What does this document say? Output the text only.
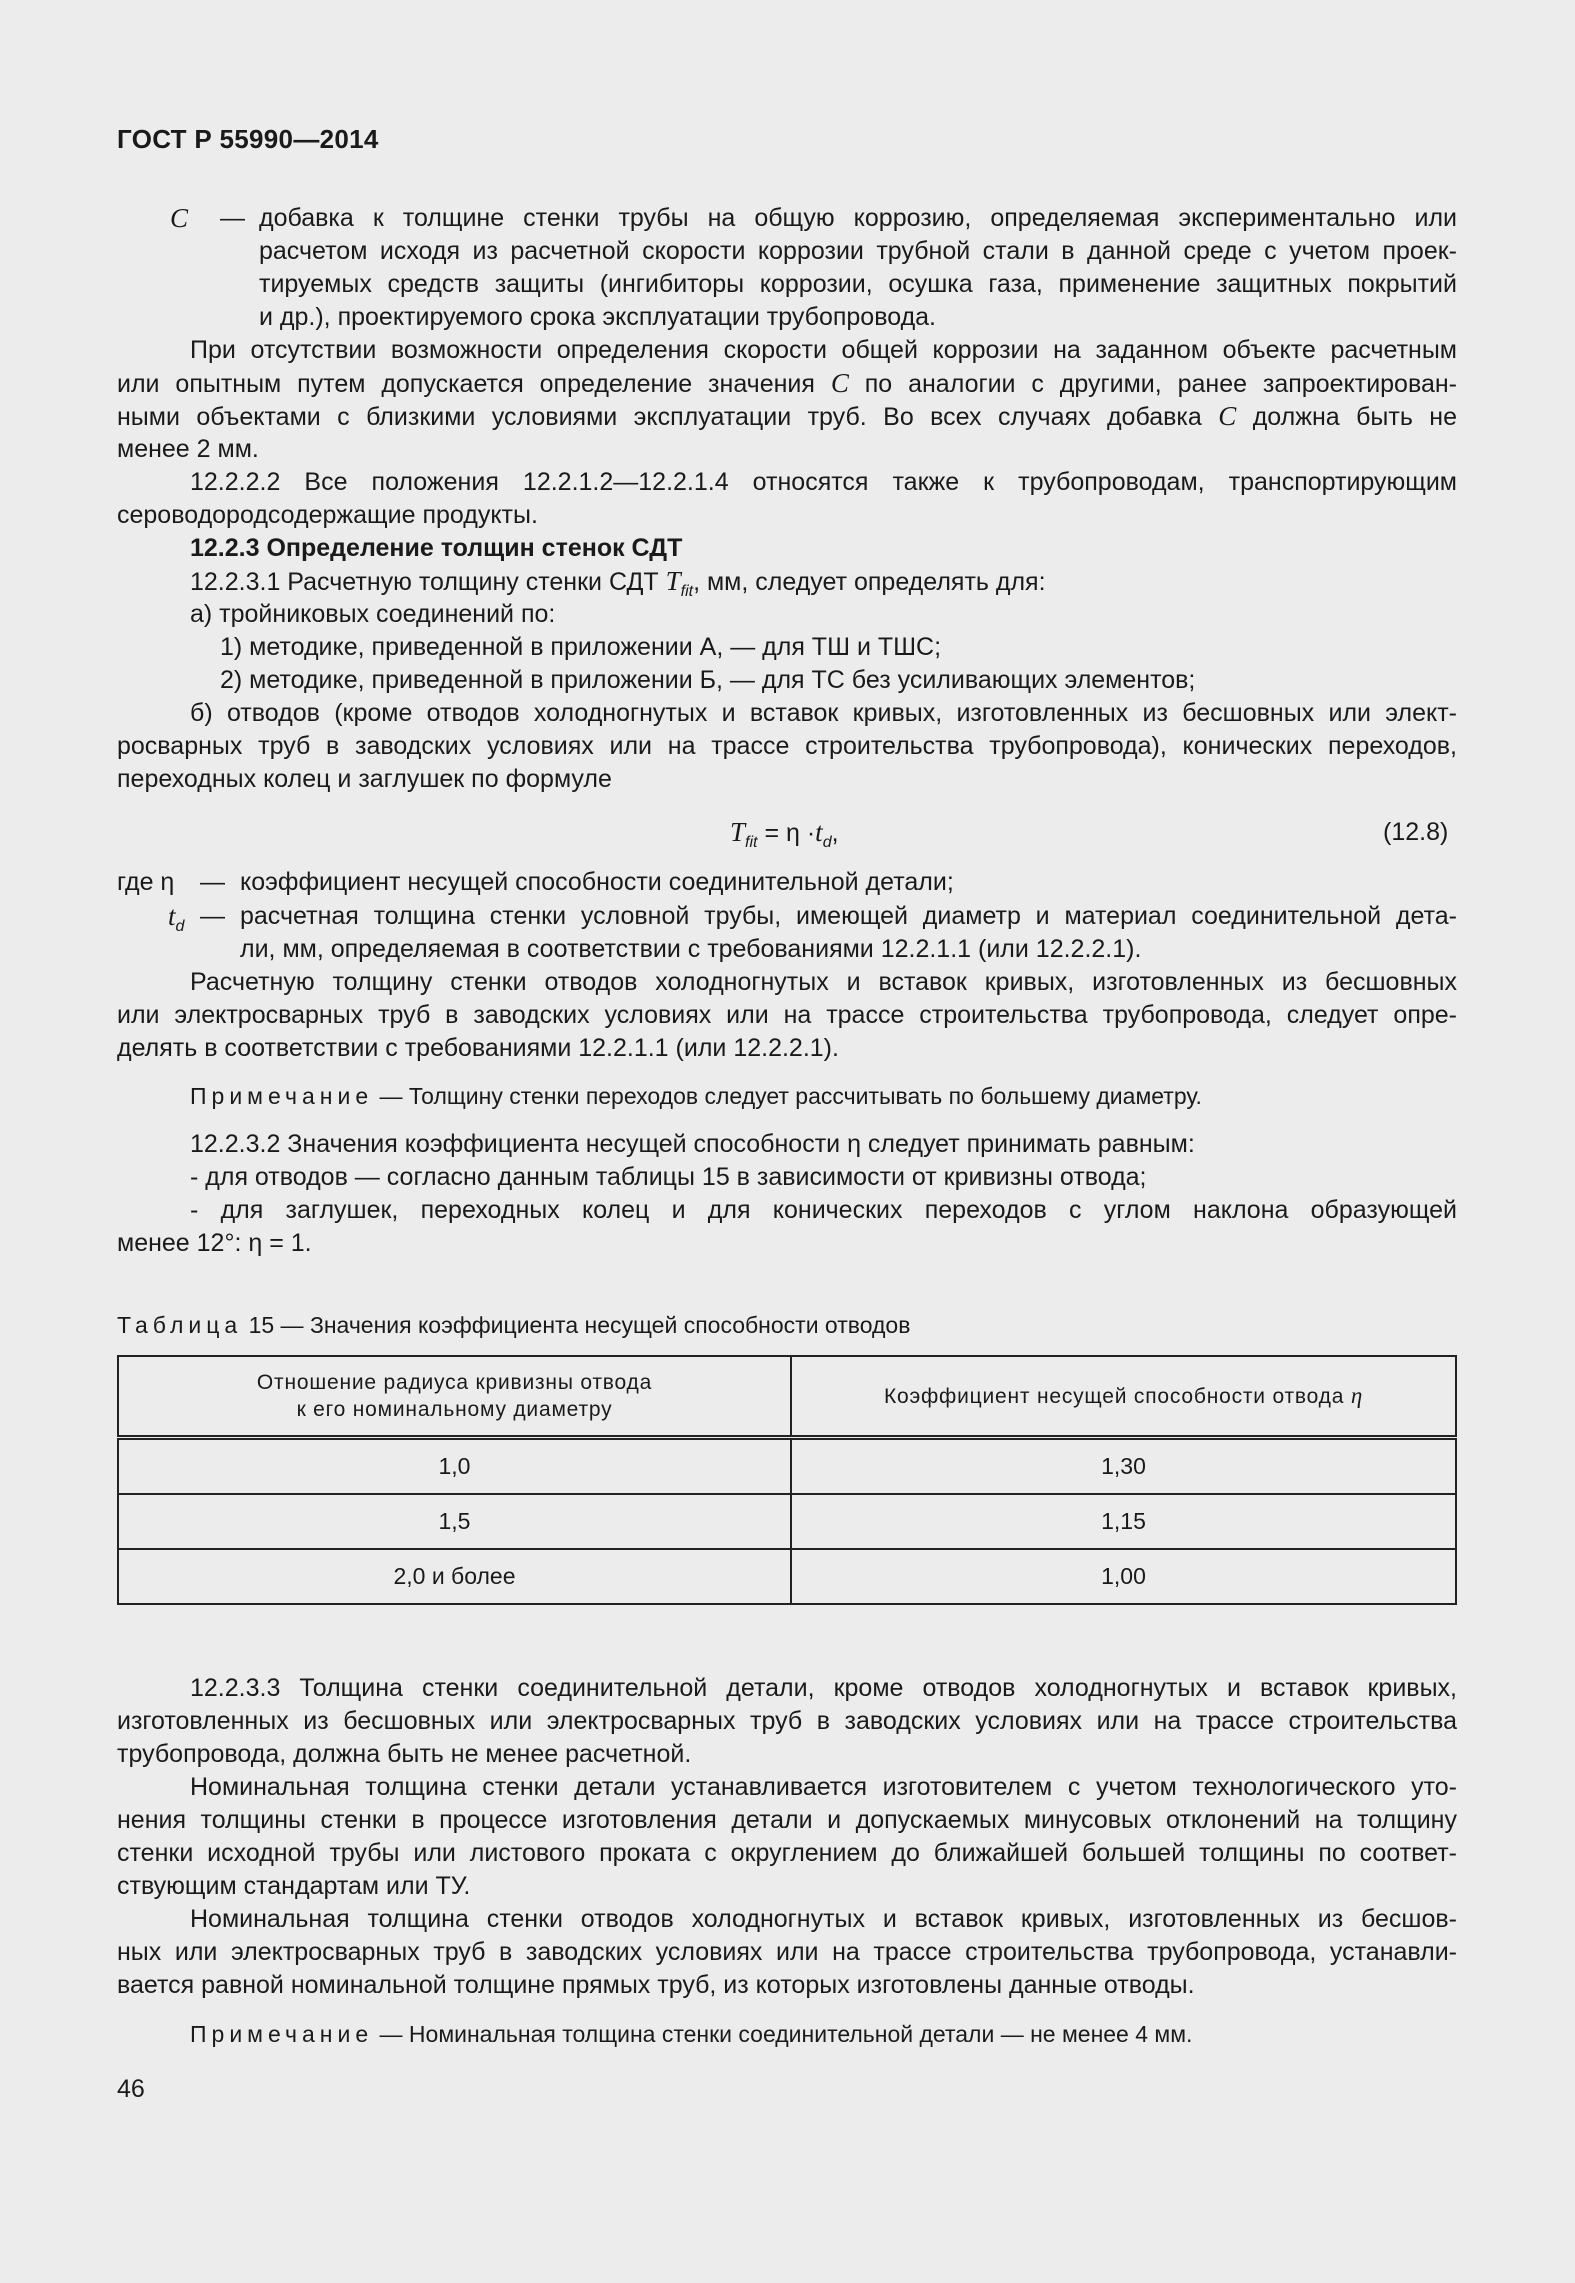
ГОСТ Р 55990—2014
C — добавка к толщине стенки трубы на общую коррозию, определяемая экспериментально или
расчетом исходя из расчетной скорости коррозии трубной стали в данной среде с учетом проек-
тируемых средств защиты (ингибиторы коррозии, осушка газа, применение защитных покрытий
и др.), проектируемого срока эксплуатации трубопровода.
При отсутствии возможности определения скорости общей коррозии на заданном объекте расчетным
или опытным путем допускается определение значения C по аналогии с другими, ранее запроектирован-
ными объектами с близкими условиями эксплуатации труб. Во всех случаях добавка C должна быть не
менее 2 мм.
12.2.2.2 Все положения 12.2.1.2—12.2.1.4 относятся также к трубопроводам, транспортирующим
сероводородсодержащие продукты.
12.2.3 Определение толщин стенок СДТ
12.2.3.1 Расчетную толщину стенки СДТ $T_{fit}$, мм, следует определять для:
а) тройниковых соединений по:
1) методике, приведенной в приложении А, — для ТШ и ТШС;
2) методике, приведенной в приложении Б, — для ТС без усиливающих элементов;
б) отводов (кроме отводов холодногнутых и вставок кривых, изготовленных из бесшовных или элект-
росварных труб в заводских условиях или на трассе строительства трубопровода), конических переходов,
переходных колец и заглушек по формуле
$T_{fit} = \eta \cdot t_d$,	(12.8)
где η — коэффициент несущей способности соединительной детали;
$t_d$ — расчетная толщина стенки условной трубы, имеющей диаметр и материал соединительной дета-
ли, мм, определяемая в соответствии с требованиями 12.2.1.1 (или 12.2.2.1).
Расчетную толщину стенки отводов холодногнутых и вставок кривых, изготовленных из бесшовных
или электросварных труб в заводских условиях или на трассе строительства трубопровода, следует опре-
делять в соответствии с требованиями 12.2.1.1 (или 12.2.2.1).
Примечание — Толщину стенки переходов следует рассчитывать по большему диаметру.
12.2.3.2 Значения коэффициента несущей способности η следует принимать равным:
- для отводов — согласно данным таблицы 15 в зависимости от кривизны отвода;
- для заглушек, переходных колец и для конических переходов с углом наклона образующей
менее 12°: η = 1.
Таблица 15 — Значения коэффициента несущей способности отводов
Отношение радиуса кривизны отвода
к его номинальному диаметру	Коэффициент несущей способности отвода η
1,0	1,30
1,5	1,15
2,0 и более	1,00
12.2.3.3 Толщина стенки соединительной детали, кроме отводов холодногнутых и вставок кривых,
изготовленных из бесшовных или электросварных труб в заводских условиях или на трассе строительства
трубопровода, должна быть не менее расчетной.
Номинальная толщина стенки детали устанавливается изготовителем с учетом технологического уто-
нения толщины стенки в процессе изготовления детали и допускаемых минусовых отклонений на толщину
стенки исходной трубы или листового проката с округлением до ближайшей большей толщины по соответ-
ствующим стандартам или ТУ.
Номинальная толщина стенки отводов холодногнутых и вставок кривых, изготовленных из бесшов-
ных или электросварных труб в заводских условиях или на трассе строительства трубопровода, устанавли-
вается равной номинальной толщине прямых труб, из которых изготовлены данные отводы.
Примечание — Номинальная толщина стенки соединительной детали — не менее 4 мм.
46
